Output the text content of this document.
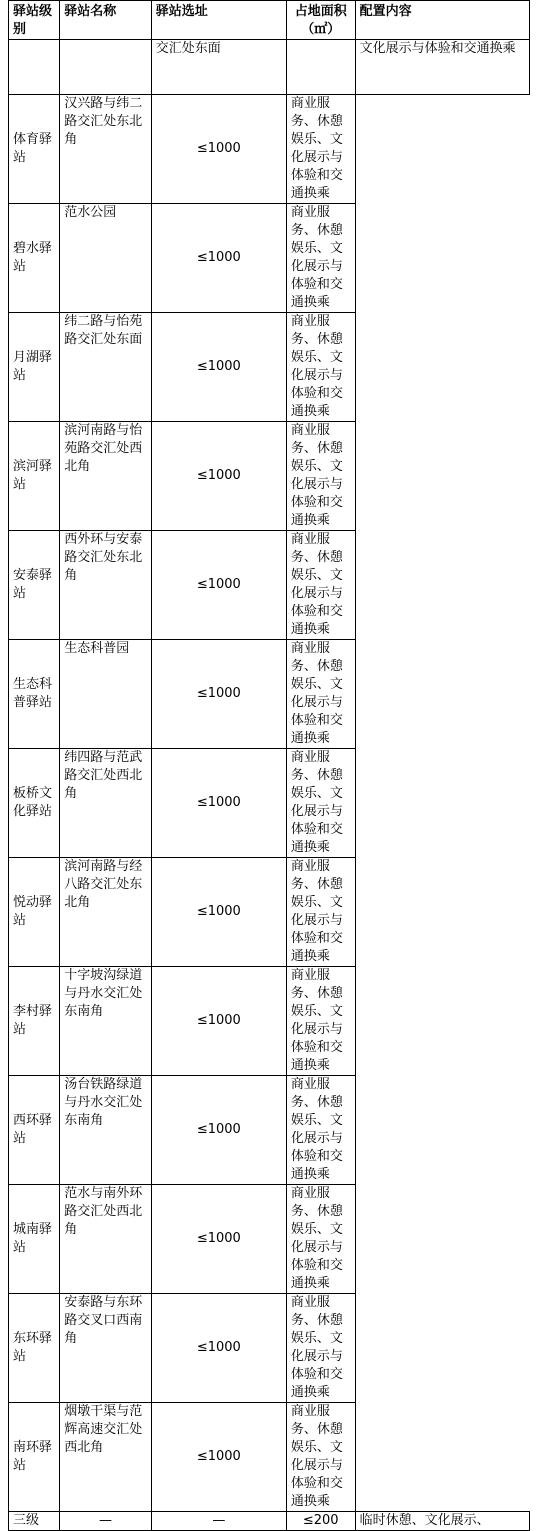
驿站级别	驿站名称	驿站选址	占地面积（㎡）	配置内容
		交汇处东面		文化展示与体验和交通换乘
体育驿站	汉兴路与纬二路交汇处东北角	≤1000	商业服务、休憩娱乐、文化展示与体验和交通换乘	
碧水驿站	范水公园	≤1000	商业服务、休憩娱乐、文化展示与体验和交通换乘	
月湖驿站	纬二路与怡苑路交汇处东面	≤1000	商业服务、休憩娱乐、文化展示与体验和交通换乘	
滨河驿站	滨河南路与怡苑路交汇处西北角	≤1000	商业服务、休憩娱乐、文化展示与体验和交通换乘	
安泰驿站	西外环与安泰路交汇处东北角	≤1000	商业服务、休憩娱乐、文化展示与体验和交通换乘	
生态科普驿站	生态科普园	≤1000	商业服务、休憩娱乐、文化展示与体验和交通换乘	
板桥文化驿站	纬四路与范武路交汇处西北角	≤1000	商业服务、休憩娱乐、文化展示与体验和交通换乘	
悦动驿站	滨河南路与经八路交汇处东北角	≤1000	商业服务、休憩娱乐、文化展示与体验和交通换乘	
李村驿站	十字坡沟绿道与丹水交汇处东南角	≤1000	商业服务、休憩娱乐、文化展示与体验和交通换乘	
西环驿站	汤台铁路绿道与丹水交汇处东南角	≤1000	商业服务、休憩娱乐、文化展示与体验和交通换乘	
城南驿站	范水与南外环路交汇处西北角	≤1000	商业服务、休憩娱乐、文化展示与体验和交通换乘	
东环驿站	安泰路与东环路交叉口西南角	≤1000	商业服务、休憩娱乐、文化展示与体验和交通换乘	
南环驿站	烟墩干渠与范辉高速交汇处西北角	≤1000	商业服务、休憩娱乐、文化展示与体验和交通换乘	
三级	—	—	≤200	临时休憩、文化展示、
